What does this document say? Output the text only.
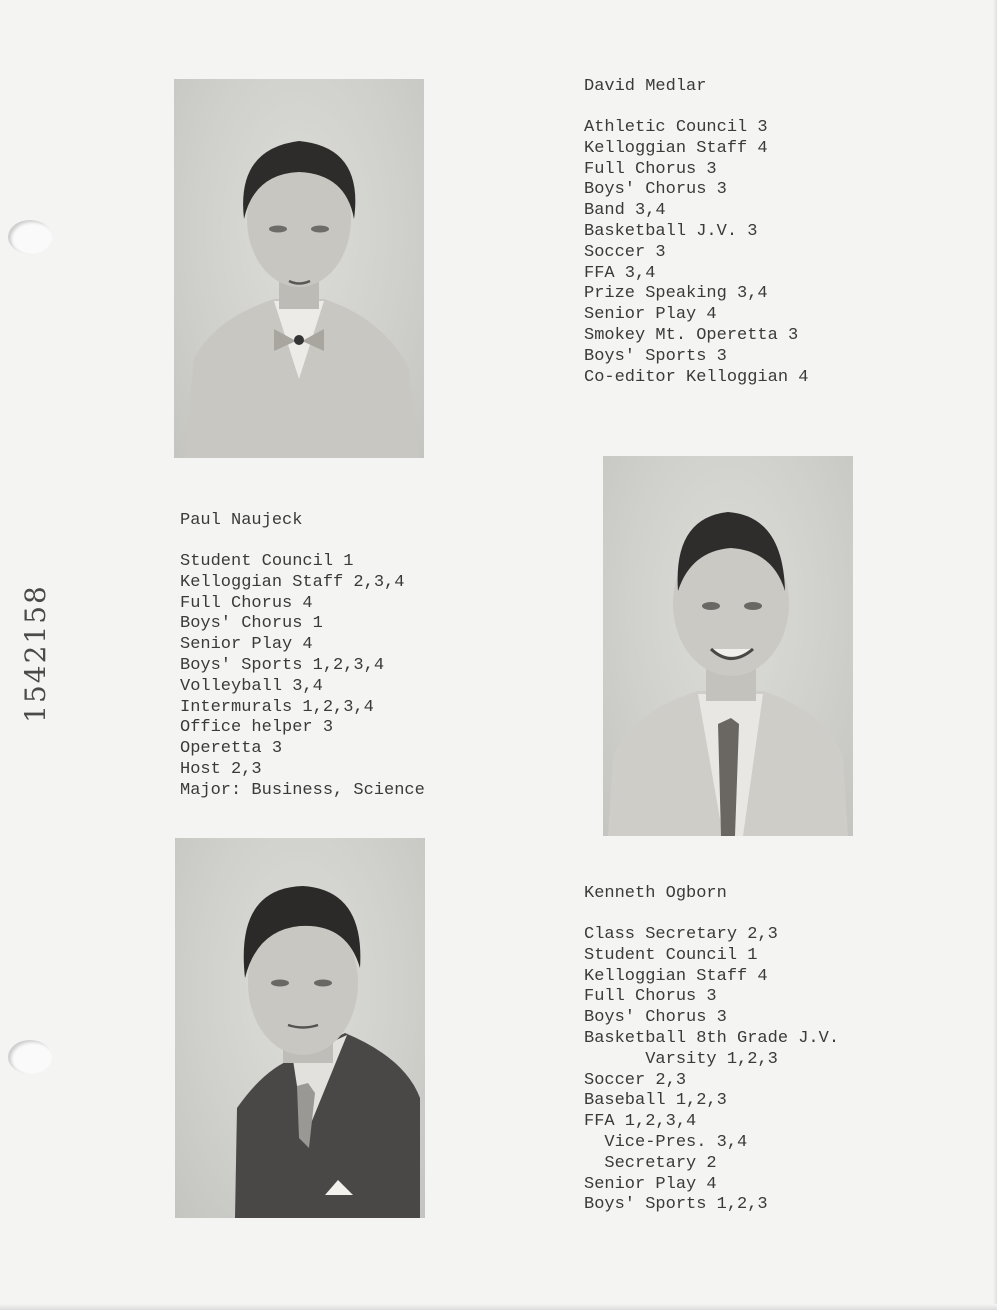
1542158
David Medlar
Athletic Council 3
Kelloggian Staff 4
Full Chorus 3
Boys' Chorus 3
Band 3,4
Basketball J.V. 3
Soccer 3
FFA 3,4
Prize Speaking 3,4
Senior Play 4
Smokey Mt. Operetta 3
Boys' Sports 3
Co-editor Kelloggian 4
Paul Naujeck
Student Council 1
Kelloggian Staff 2,3,4
Full Chorus 4
Boys' Chorus 1
Senior Play 4
Boys' Sports 1,2,3,4
Volleyball 3,4
Intermurals 1,2,3,4
Office helper 3
Operetta 3
Host 2,3
Major: Business, Science
Kenneth Ogborn
Class Secretary 2,3
Student Council 1
Kelloggian Staff 4
Full Chorus 3
Boys' Chorus 3
Basketball 8th Grade J.V.
Varsity 1,2,3
Soccer 2,3
Baseball 1,2,3
FFA 1,2,3,4
Vice-Pres. 3,4
Secretary 2
Senior Play 4
Boys' Sports 1,2,3
